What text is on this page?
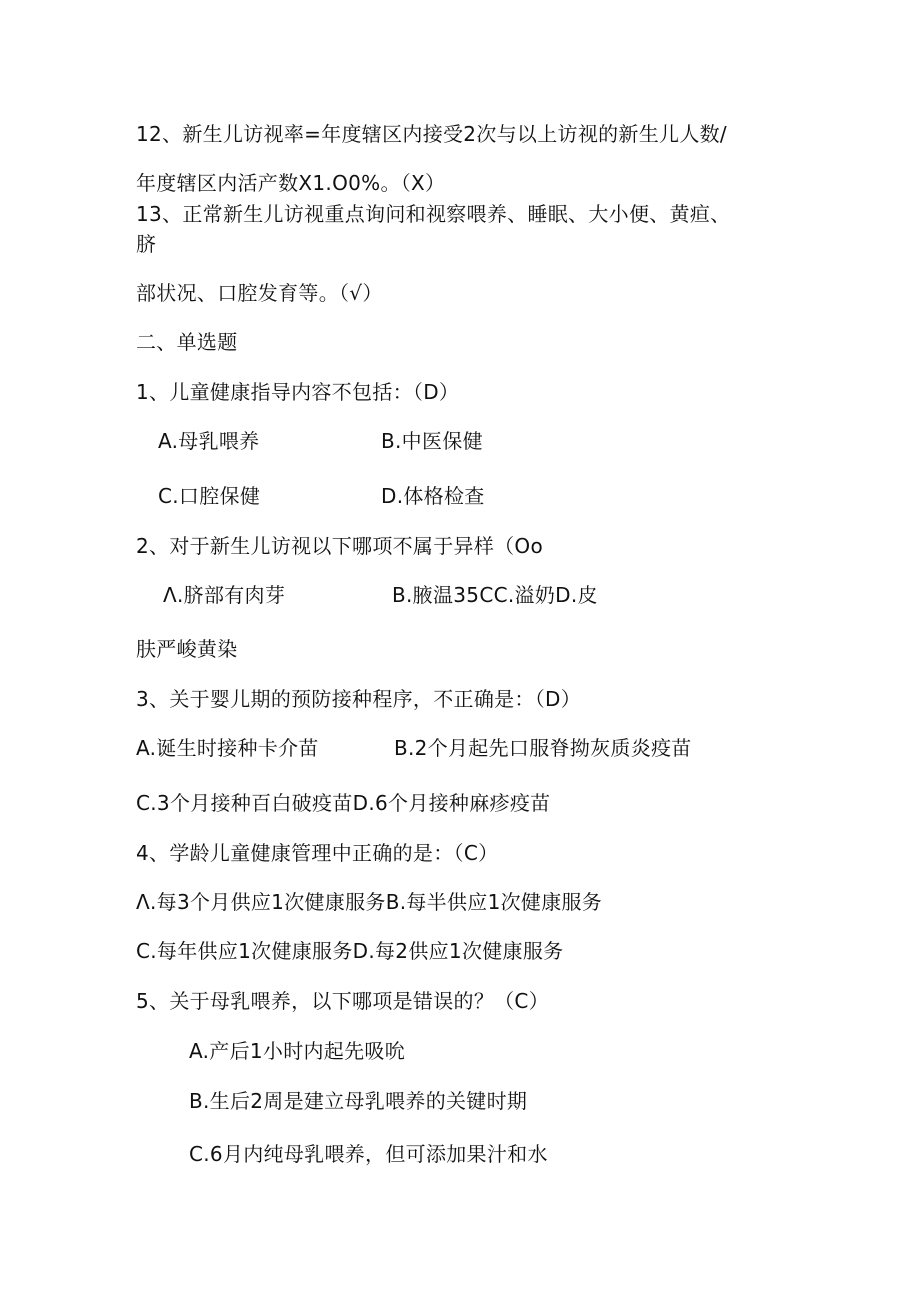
12、新生儿访视率=年度辖区内接受2次与以上访视的新生儿人数/
年度辖区内活产数X1.O0%。（X）
13、正常新生儿访视重点询问和视察喂养、睡眠、大小便、黄疸、
脐
部状况、口腔发育等。（√）
二、单选题
1、儿童健康指导内容不包括：（D）
A.母乳喂养	B.中医保健
C.口腔保健	D.体格检查
2、对于新生儿访视以下哪项不属于异样（Oo
Λ.脐部有肉芽	B.腋温35CC.溢奶D.皮
肤严峻黄染
3、关于婴儿期的预防接种程序，不正确是：（D）
A.诞生时接种卡介苗	B.2个月起先口服脊拗灰质炎疫苗
C.3个月接种百白破疫苗D.6个月接种麻疹疫苗
4、学龄儿童健康管理中正确的是：（C）
Λ.每3个月供应1次健康服务B.每半供应1次健康服务
C.每年供应1次健康服务D.每2供应1次健康服务
5、关于母乳喂养，以下哪项是错误的？（C）
A.产后1小时内起先吸吮
B.生后2周是建立母乳喂养的关键时期
C.6月内纯母乳喂养，但可添加果汁和水
